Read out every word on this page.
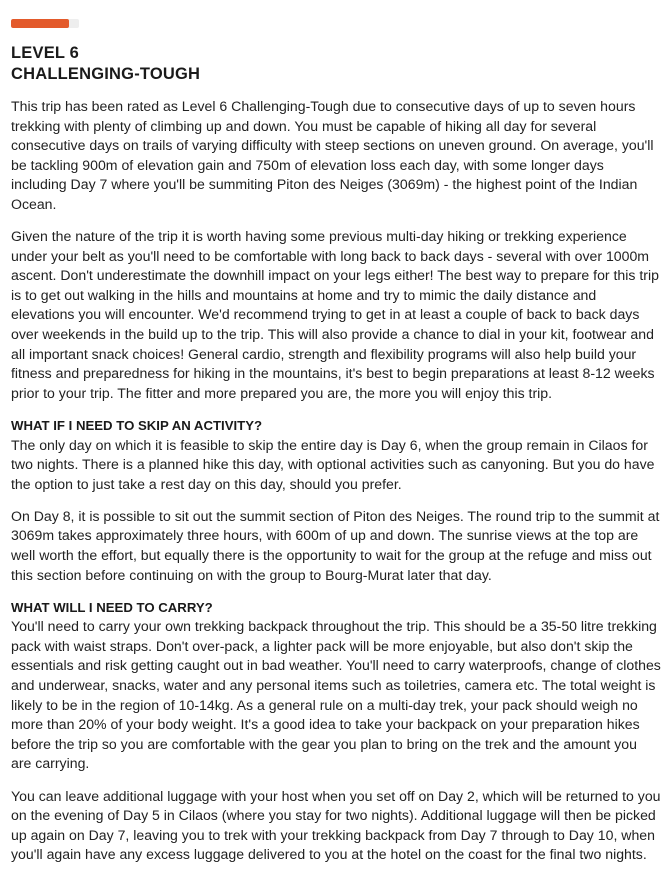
LEVEL 6
CHALLENGING-TOUGH

This trip has been rated as Level 6 Challenging-Tough due to consecutive days of up to seven hours trekking with plenty of climbing up and down. You must be capable of hiking all day for several consecutive days on trails of varying difficulty with steep sections on uneven ground. On average, you'll be tackling 900m of elevation gain and 750m of elevation loss each day, with some longer days including Day 7 where you'll be summiting Piton des Neiges (3069m) - the highest point of the Indian Ocean.

Given the nature of the trip it is worth having some previous multi-day hiking or trekking experience under your belt as you'll need to be comfortable with long back to back days - several with over 1000m ascent. Don't underestimate the downhill impact on your legs either! The best way to prepare for this trip is to get out walking in the hills and mountains at home and try to mimic the daily distance and elevations you will encounter. We'd recommend trying to get in at least a couple of back to back days over weekends in the build up to the trip. This will also provide a chance to dial in your kit, footwear and all important snack choices! General cardio, strength and flexibility programs will also help build your fitness and preparedness for hiking in the mountains, it's best to begin preparations at least 8-12 weeks prior to your trip. The fitter and more prepared you are, the more you will enjoy this trip.

WHAT IF I NEED TO SKIP AN ACTIVITY?

The only day on which it is feasible to skip the entire day is Day 6, when the group remain in Cilaos for two nights. There is a planned hike this day, with optional activities such as canyoning. But you do have the option to just take a rest day on this day, should you prefer.

On Day 8, it is possible to sit out the summit section of Piton des Neiges. The round trip to the summit at 3069m takes approximately three hours, with 600m of up and down. The sunrise views at the top are well worth the effort, but equally there is the opportunity to wait for the group at the refuge and miss out this section before continuing on with the group to Bourg-Murat later that day.

WHAT WILL I NEED TO CARRY?

You'll need to carry your own trekking backpack throughout the trip. This should be a 35-50 litre trekking pack with waist straps. Don't over-pack, a lighter pack will be more enjoyable, but also don't skip the essentials and risk getting caught out in bad weather. You'll need to carry waterproofs, change of clothes and underwear, snacks, water and any personal items such as toiletries, camera etc. The total weight is likely to be in the region of 10-14kg. As a general rule on a multi-day trek, your pack should weigh no more than 20% of your body weight. It's a good idea to take your backpack on your preparation hikes before the trip so you are comfortable with the gear you plan to bring on the trek and the amount you are carrying.

You can leave additional luggage with your host when you set off on Day 2, which will be returned to you on the evening of Day 5 in Cilaos (where you stay for two nights). Additional luggage will then be picked up again on Day 7, leaving you to trek with your trekking backpack from Day 7 through to Day 10, when you'll again have any excess luggage delivered to you at the hotel on the coast for the final two nights.
